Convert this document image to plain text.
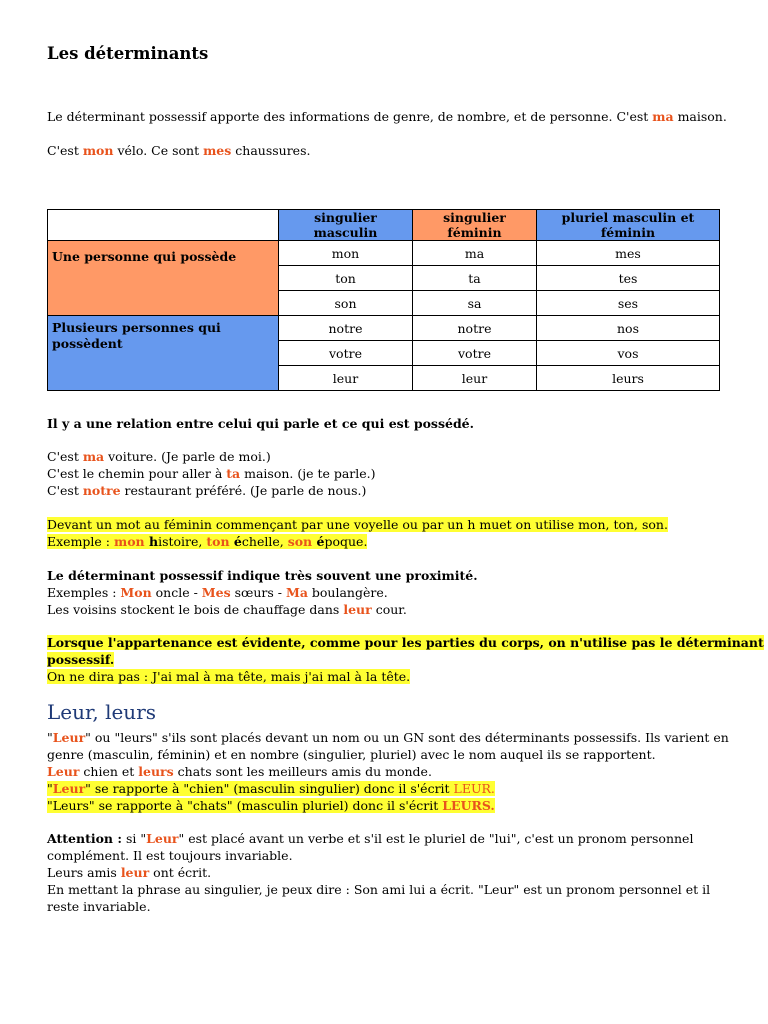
Les déterminants
Le déterminant possessif apporte des informations de genre, de nombre, et de personne. C'est ma maison.
C'est mon vélo. Ce sont mes chaussures.
	singulier masculin	singulier féminin	pluriel masculin et féminin
Une personne qui possède	mon	ma	mes
	ton	ta	tes
	son	sa	ses
Plusieurs personnes qui possèdent	notre	notre	nos
	votre	votre	vos
	leur	leur	leurs
Il y a une relation entre celui qui parle et ce qui est possédé.
C'est ma voiture. (Je parle de moi.)
C'est le chemin pour aller à ta maison. (je te parle.)
C'est notre restaurant préféré. (Je parle de nous.)
Devant un mot au féminin commençant par une voyelle ou par un h muet on utilise mon, ton, son.
Exemple : mon histoire, ton échelle, son époque.
Le déterminant possessif indique très souvent une proximité.
Exemples : Mon oncle - Mes sœurs - Ma boulangère.
Les voisins stockent le bois de chauffage dans leur cour.
Lorsque l'appartenance est évidente, comme pour les parties du corps, on n'utilise pas le déterminant
possessif.
On ne dira pas : J'ai mal à ma tête, mais j'ai mal à la tête.
Leur, leurs
"Leur" ou "leurs" s'ils sont placés devant un nom ou un GN sont des déterminants possessifs. Ils varient en
genre (masculin, féminin) et en nombre (singulier, pluriel) avec le nom auquel ils se rapportent.
Leur chien et leurs chats sont les meilleurs amis du monde.
"Leur" se rapporte à "chien" (masculin singulier) donc il s'écrit LEUR.
"Leurs" se rapporte à "chats" (masculin pluriel) donc il s'écrit LEURS.
Attention : si "Leur" est placé avant un verbe et s'il est le pluriel de "lui", c'est un pronom personnel
complément. Il est toujours invariable.
Leurs amis leur ont écrit.
En mettant la phrase au singulier, je peux dire : Son ami lui a écrit. "Leur" est un pronom personnel et il
reste invariable.
